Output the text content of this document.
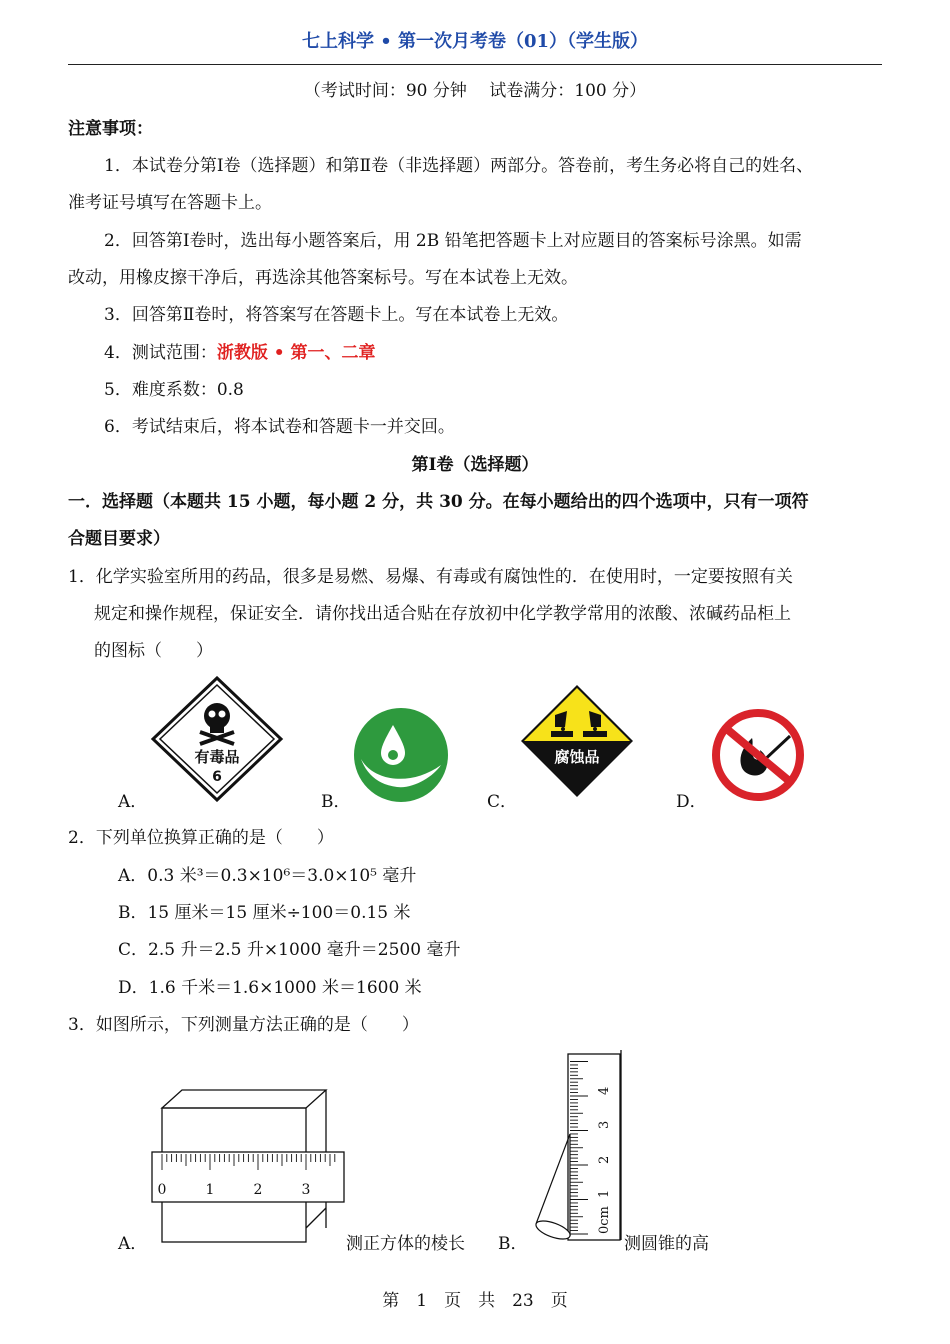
七上科学 • 第一次月考卷（01）（学生版）
（考试时间：90 分钟　 试卷满分：100 分）
注意事项：
1．本试卷分第Ⅰ卷（选择题）和第Ⅱ卷（非选择题）两部分。答卷前，考生务必将自己的姓名、
准考证号填写在答题卡上。
2．回答第Ⅰ卷时，选出每小题答案后，用 2B 铅笔把答题卡上对应题目的答案标号涂黑。如需
改动，用橡皮擦干净后，再选涂其他答案标号。写在本试卷上无效。
3．回答第Ⅱ卷时，将答案写在答题卡上。写在本试卷上无效。
4．测试范围：浙教版 • 第一、二章
5．难度系数：0.8
6．考试结束后，将本试卷和答题卡一并交回。
第Ⅰ卷（选择题）
一．选择题（本题共 15 小题，每小题 2 分，共 30 分。在每小题给出的四个选项中，只有一项符
合题目要求）
1．化学实验室所用的药品，很多是易燃、易爆、有毒或有腐蚀性的．在使用时，一定要按照有关
规定和操作规程，保证安全．请你找出适合贴在存放初中化学教学常用的浓酸、浓碱药品柜上
的图标（　　）
有毒品
6
A．	B．
腐蚀品
C．	D．
2．下列单位换算正确的是（　　）
A．0.3 米³＝0.3×10⁶＝3.0×10⁵ 毫升
B．15 厘米＝15 厘米÷100＝0.15 米
C．2.5 升＝2.5 升×1000 毫升＝2500 毫升
D．1.6 千米＝1.6×1000 米＝1600 米
3．如图所示，下列测量方法正确的是（　　）
0	1	2	3
A．	测正方体的棱长
0cm
1
2
3
4
B．	测圆锥的高
第　1　页　共　23　页
